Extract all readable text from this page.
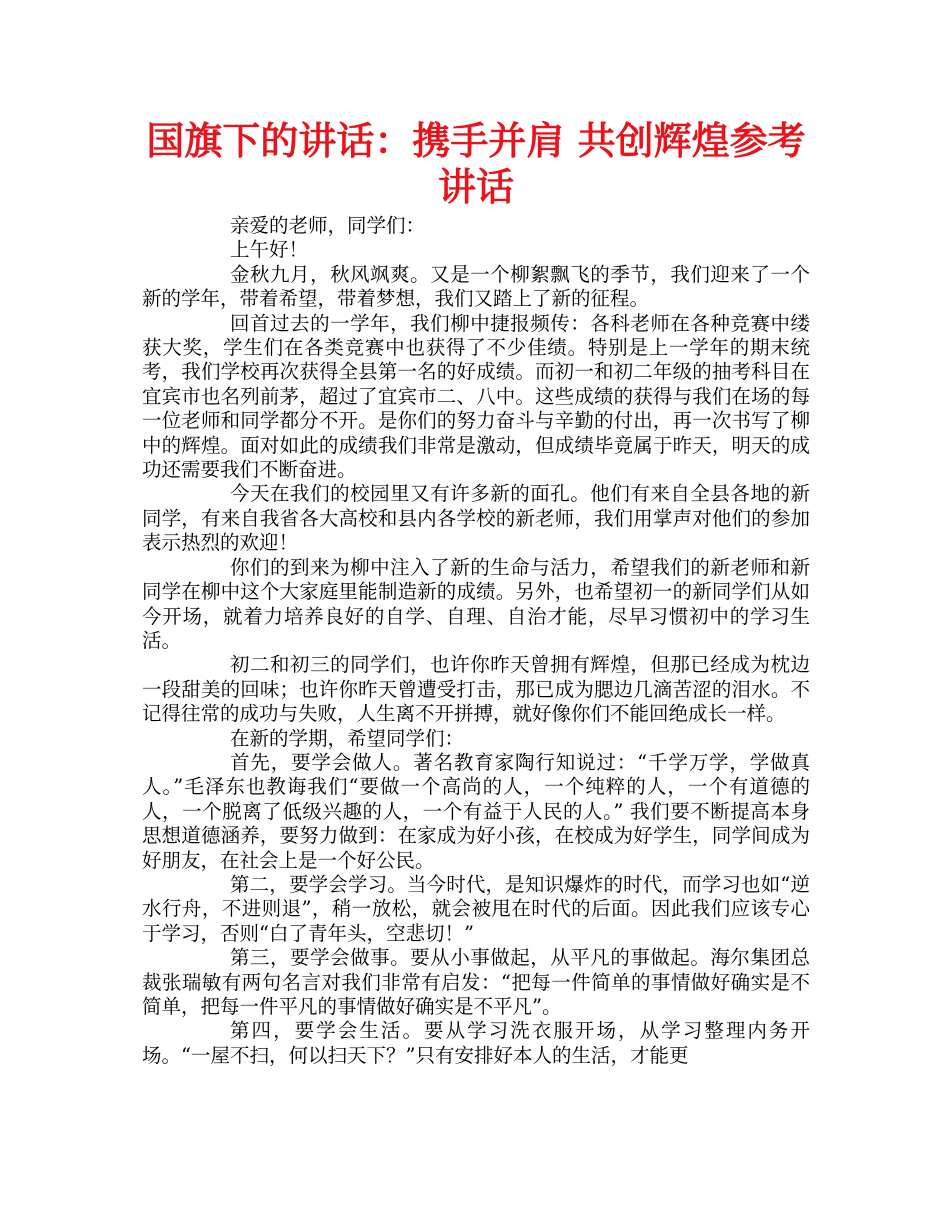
国旗下的讲话：携手并肩 共创辉煌参考讲话

亲爱的老师，同学们：

上午好！

金秋九月，秋风飒爽。又是一个柳絮飘飞的季节，我们迎来了一个新的学年，带着希望，带着梦想，我们又踏上了新的征程。

回首过去的一学年，我们柳中捷报频传：各科老师在各种竞赛中缕获大奖，学生们在各类竞赛中也获得了不少佳绩。特别是上一学年的期末统考，我们学校再次获得全县第一名的好成绩。而初一和初二年级的抽考科目在宜宾市也名列前茅，超过了宜宾市二、八中。这些成绩的获得与我们在场的每一位老师和同学都分不开。是你们的努力奋斗与辛勤的付出，再一次书写了柳中的辉煌。面对如此的成绩我们非常是激动，但成绩毕竟属于昨天，明天的成功还需要我们不断奋进。

今天在我们的校园里又有许多新的面孔。他们有来自全县各地的新同学，有来自我省各大高校和县内各学校的新老师，我们用掌声对他们的参加表示热烈的欢迎！

你们的到来为柳中注入了新的生命与活力，希望我们的新老师和新同学在柳中这个大家庭里能制造新的成绩。另外，也希望初一的新同学们从如今开场，就着力培养良好的自学、自理、自治才能，尽早习惯初中的学习生活。

初二和初三的同学们，也许你昨天曾拥有辉煌，但那已经成为枕边一段甜美的回味；也许你昨天曾遭受打击，那已成为腮边几滴苦涩的泪水。不记得往常的成功与失败，人生离不开拼搏，就好像你们不能回绝成长一样。

在新的学期，希望同学们：

首先，要学会做人。著名教育家陶行知说过：“千学万学，学做真人。”毛泽东也教诲我们“要做一个高尚的人，一个纯粹的人，一个有道德的人，一个脱离了低级兴趣的人，一个有益于人民的人。” 我们要不断提高本身思想道德涵养，要努力做到：在家成为好小孩，在校成为好学生，同学间成为好朋友，在社会上是一个好公民。

第二，要学会学习。当今时代，是知识爆炸的时代，而学习也如“逆水行舟，不进则退”，稍一放松，就会被甩在时代的后面。因此我们应该专心于学习，否则“白了青年头，空悲切！”

第三，要学会做事。要从小事做起，从平凡的事做起。海尔集团总裁张瑞敏有两句名言对我们非常有启发：“把每一件简单的事情做好确实是不简单，把每一件平凡的事情做好确实是不平凡”。

第四，要学会生活。要从学习洗衣服开场，从学习整理内务开场。“一屋不扫，何以扫天下？”只有安排好本人的生活，才能更
